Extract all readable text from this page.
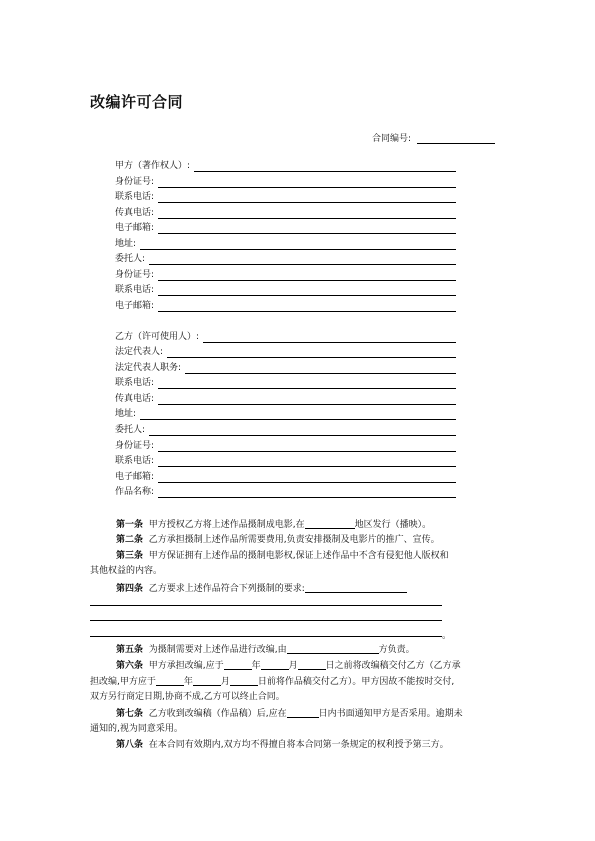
改编许可合同
合同编号:
甲方（著作权人）:
身份证号:
联系电话:
传真电话:
电子邮箱:
地址:
委托人:
身份证号:
联系电话:
电子邮箱:
乙方（许可使用人）:
法定代表人:
法定代表人职务:
联系电话:
传真电话:
地址:
委托人:
身份证号:
联系电话:
电子邮箱:
作品名称:
第一条 甲方授权乙方将上述作品摄制成电影,在	地区发行（播映）。
第二条 乙方承担摄制上述作品所需要费用,负责安排摄制及电影片的推广、宣传。
第三条 甲方保证拥有上述作品的摄制电影权,保证上述作品中不含有侵犯他人版权和
其他权益的内容。
第四条 乙方要求上述作品符合下列摄制的要求:
。
第五条 为摄制需要对上述作品进行改编,由	方负责。
第六条 甲方承担改编,应于	年	月	日之前将改编稿交付乙方（乙方承
担改编,甲方应于	年	月	日前将作品稿交付乙方）。甲方因故不能按时交付,
双方另行商定日期,协商不成,乙方可以终止合同。
第七条 乙方收到改编稿（作品稿）后,应在	日内书面通知甲方是否采用。逾期未
通知的,视为同意采用。
第八条 在本合同有效期内,双方均不得擅自将本合同第一条规定的权利授予第三方。
